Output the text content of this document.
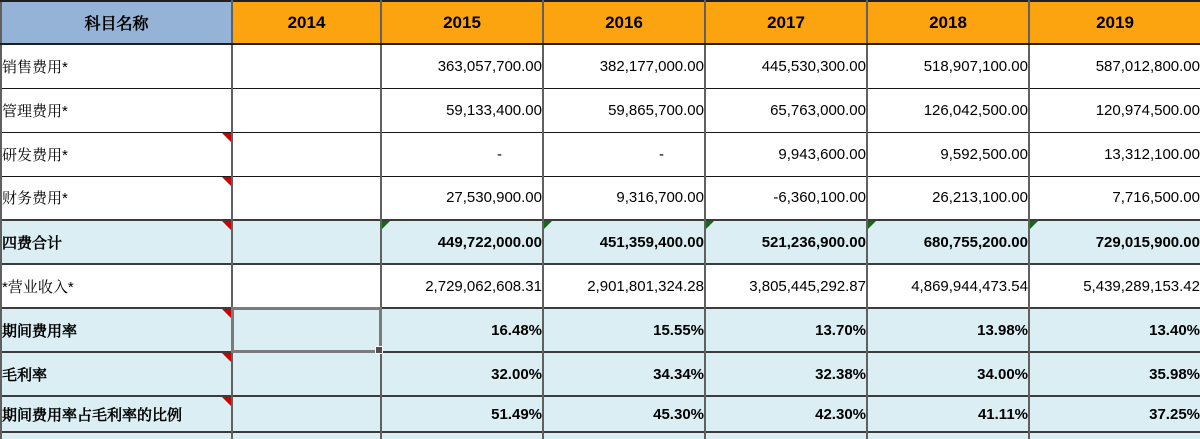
科目名称	2014	2015	2016	2017	2018	2019
销售费用*		363,057,700.00	382,177,000.00	445,530,300.00	518,907,100.00	587,012,800.00
管理费用*		59,133,400.00	59,865,700.00	65,763,000.00	126,042,500.00	120,974,500.00
研发费用*		-	-	9,943,600.00	9,592,500.00	13,312,100.00
财务费用*		27,530,900.00	9,316,700.00	-6,360,100.00	26,213,100.00	7,716,500.00
四费合计		449,722,000.00	451,359,400.00	521,236,900.00	680,755,200.00	729,015,900.00

*营业收入*		2,729,062,608.31	2,901,801,324.28	3,805,445,292.87	4,869,944,473.54	5,439,289,153.42
期间费用率		16.48%	15.55%	13.70%	13.98%	13.40%
毛利率		32.00%	34.34%	32.38%	34.00%	35.98%
期间费用率占毛利率的比例		51.49%	45.30%	42.30%	41.11%	37.25%
